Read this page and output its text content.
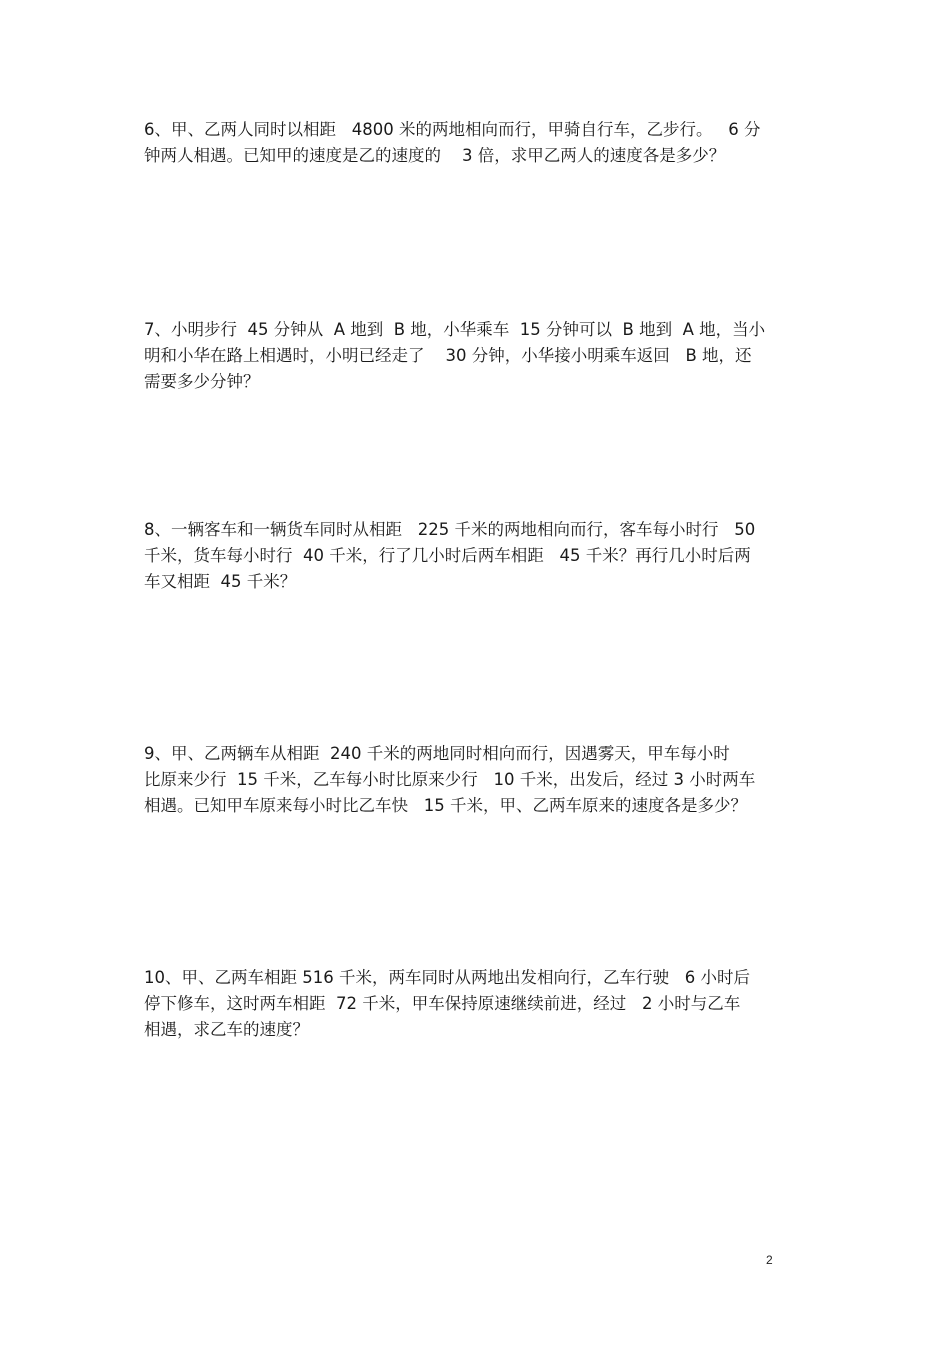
6、甲、乙两人同时以相距   4800 米的两地相向而行，甲骑自行车，乙步行。   6 分
钟两人相遇。已知甲的速度是乙的速度的    3 倍，求甲乙两人的速度各是多少？
7、小明步行  45 分钟从  A 地到  B 地，小华乘车  15 分钟可以  B 地到  A 地，当小
明和小华在路上相遇时，小明已经走了    30 分钟，小华接小明乘车返回   B 地，还
需要多少分钟？
8、一辆客车和一辆货车同时从相距   225 千米的两地相向而行，客车每小时行   50
千米，货车每小时行  40 千米，行了几小时后两车相距   45 千米？再行几小时后两
车又相距  45 千米？
9、甲、乙两辆车从相距  240 千米的两地同时相向而行，因遇雾天，甲车每小时
比原来少行  15 千米，乙车每小时比原来少行   10 千米，出发后，经过 3 小时两车
相遇。已知甲车原来每小时比乙车快   15 千米，甲、乙两车原来的速度各是多少？
10、甲、乙两车相距 516 千米，两车同时从两地出发相向行，乙车行驶   6 小时后
停下修车，这时两车相距  72 千米，甲车保持原速继续前进，经过   2 小时与乙车
相遇，求乙车的速度？
2
